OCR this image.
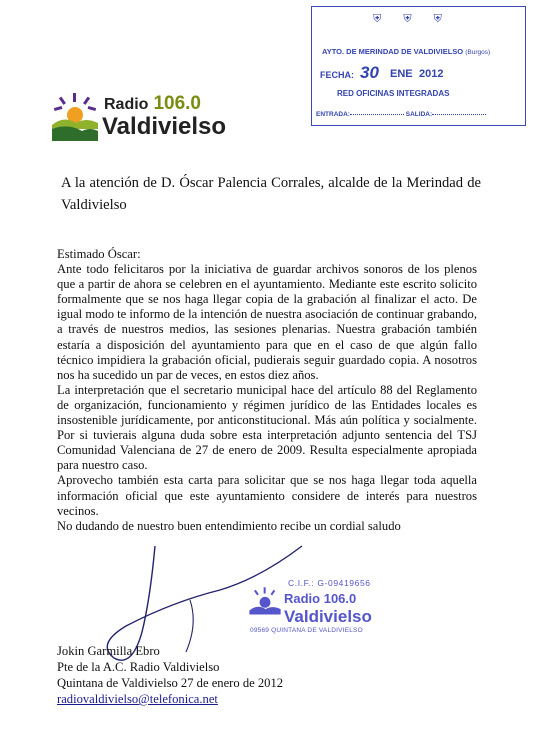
⛨⛨⛨
AYTO. DE MERINDAD DE VALDIVIELSO (Burgos)
FECHA: 30 ENE 2012
RED OFICINAS INTEGRADAS
ENTRADA:	SALIDA:
Radio 106.0
Valdivielso
A la atención de D. Óscar Palencia Corrales, alcalde de la Merindad de Valdivielso

Estimado Óscar:

Ante todo felicitaros por la iniciativa de guardar archivos sonoros de los plenos que a partir de ahora se celebren en el ayuntamiento. Mediante este escrito solicito formalmente que se nos haga llegar copia de la grabación al finalizar el acto. De igual modo te informo de la intención de nuestra asociación de continuar grabando, a través de nuestros medios, las sesiones plenarias. Nuestra grabación también estaría a disposición del ayuntamiento para que en el caso de que algún fallo técnico impidiera la grabación oficial, pudierais seguir guardado copia. A nosotros nos ha sucedido un par de veces, en estos diez años.

La interpretación que el secretario municipal hace del artículo 88 del Reglamento de organización, funcionamiento y régimen jurídico de las Entidades locales es insostenible jurídicamente, por anticonstitucional. Más aún política y socialmente. Por si tuvierais alguna duda sobre esta interpretación adjunto sentencia del TSJ Comunidad Valenciana de 27 de enero de 2009. Resulta especialmente apropiada para nuestro caso.

Aprovecho también esta carta para solicitar que se nos haga llegar toda aquella información oficial que este ayuntamiento considere de interés para nuestros vecinos.

No dudando de nuestro buen entendimiento recibe un cordial saludo

C.I.F.: G-09419656
Radio 106.0
Valdivielso
09569 QUINTANA DE VALDIVIELSO
Jokin Garmilla Ebro
Pte de la A.C. Radio Valdivielso
Quintana de Valdivielso 27 de enero de 2012
radiovaldivielso@telefonica.net
